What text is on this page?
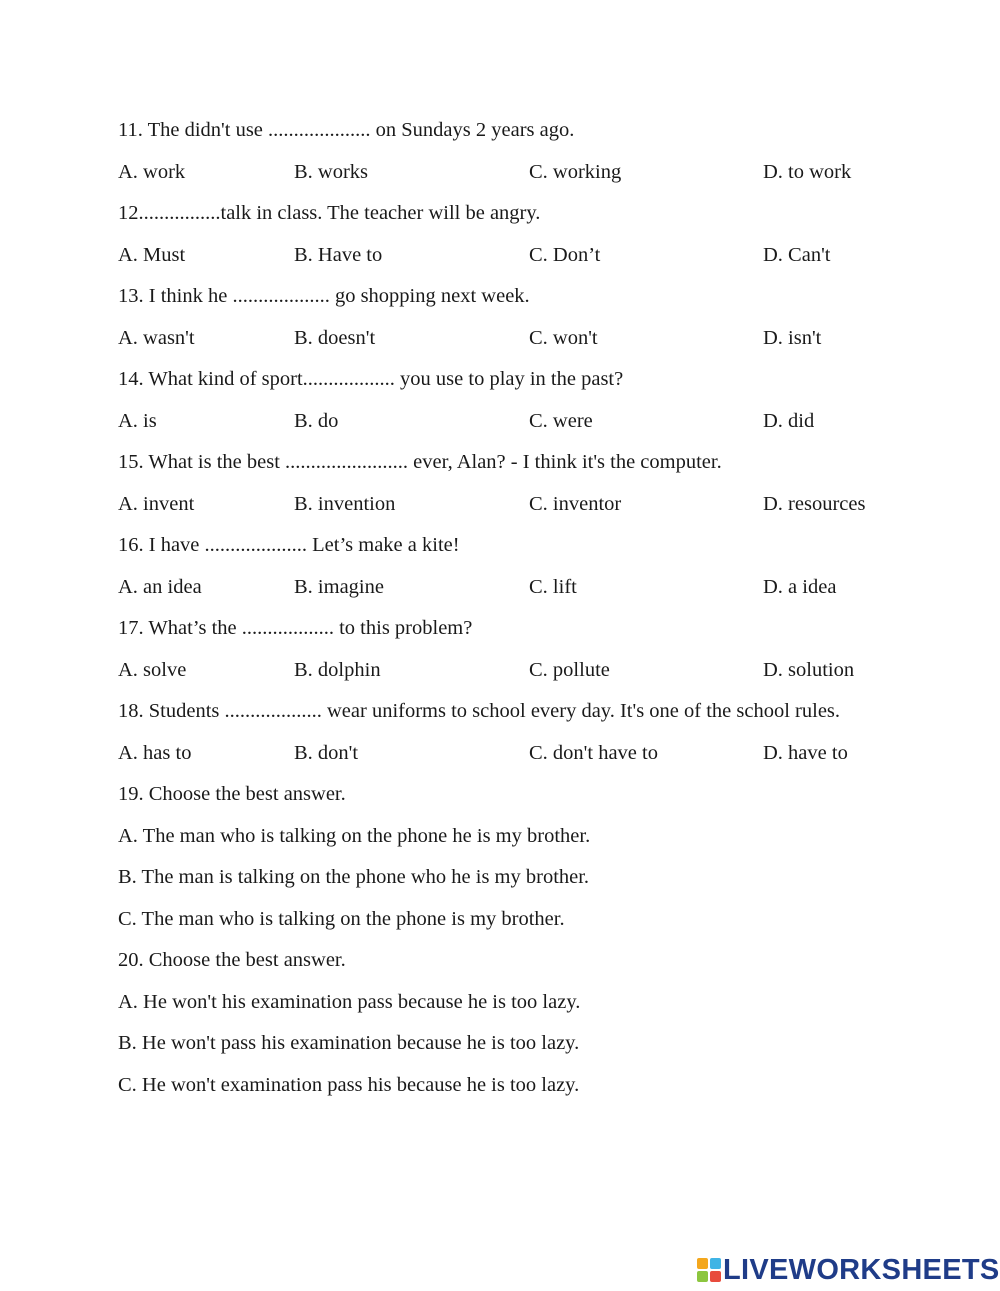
11. The didn't use .................... on Sundays 2 years ago.
A. work	B. works	C. working	D. to work
12................talk in class. The teacher will be angry.
A. Must	B. Have to	C. Don’t	D. Can't
13. I think he ................... go shopping next week.
A. wasn't	B. doesn't	C. won't	D. isn't
14. What kind of sport.................. you use to play in the past?
A. is	B. do	C. were	D. did
15. What is the best ........................ ever, Alan? - I think it's the computer.
A. invent	B. invention	C. inventor	D. resources
16. I have .................... Let’s make a kite!
A. an idea	B. imagine	C. lift	D. a idea
17. What’s the .................. to this problem?
A. solve	B. dolphin	C. pollute	D. solution
18. Students ................... wear uniforms to school every day. It's one of the school rules.
A. has to	B. don't	C. don't have to	D. have to
19. Choose the best answer.
A. The man who is talking on the phone he is my brother.
B. The man is talking on the phone who he is my brother.
C. The man who is talking on the phone is my brother.
20. Choose the best answer.
A. He won't his examination pass because he is too lazy.
B. He won't pass his examination because he is too lazy.
C. He won't examination pass his because he is too lazy.
LIVEWORKSHEETS
